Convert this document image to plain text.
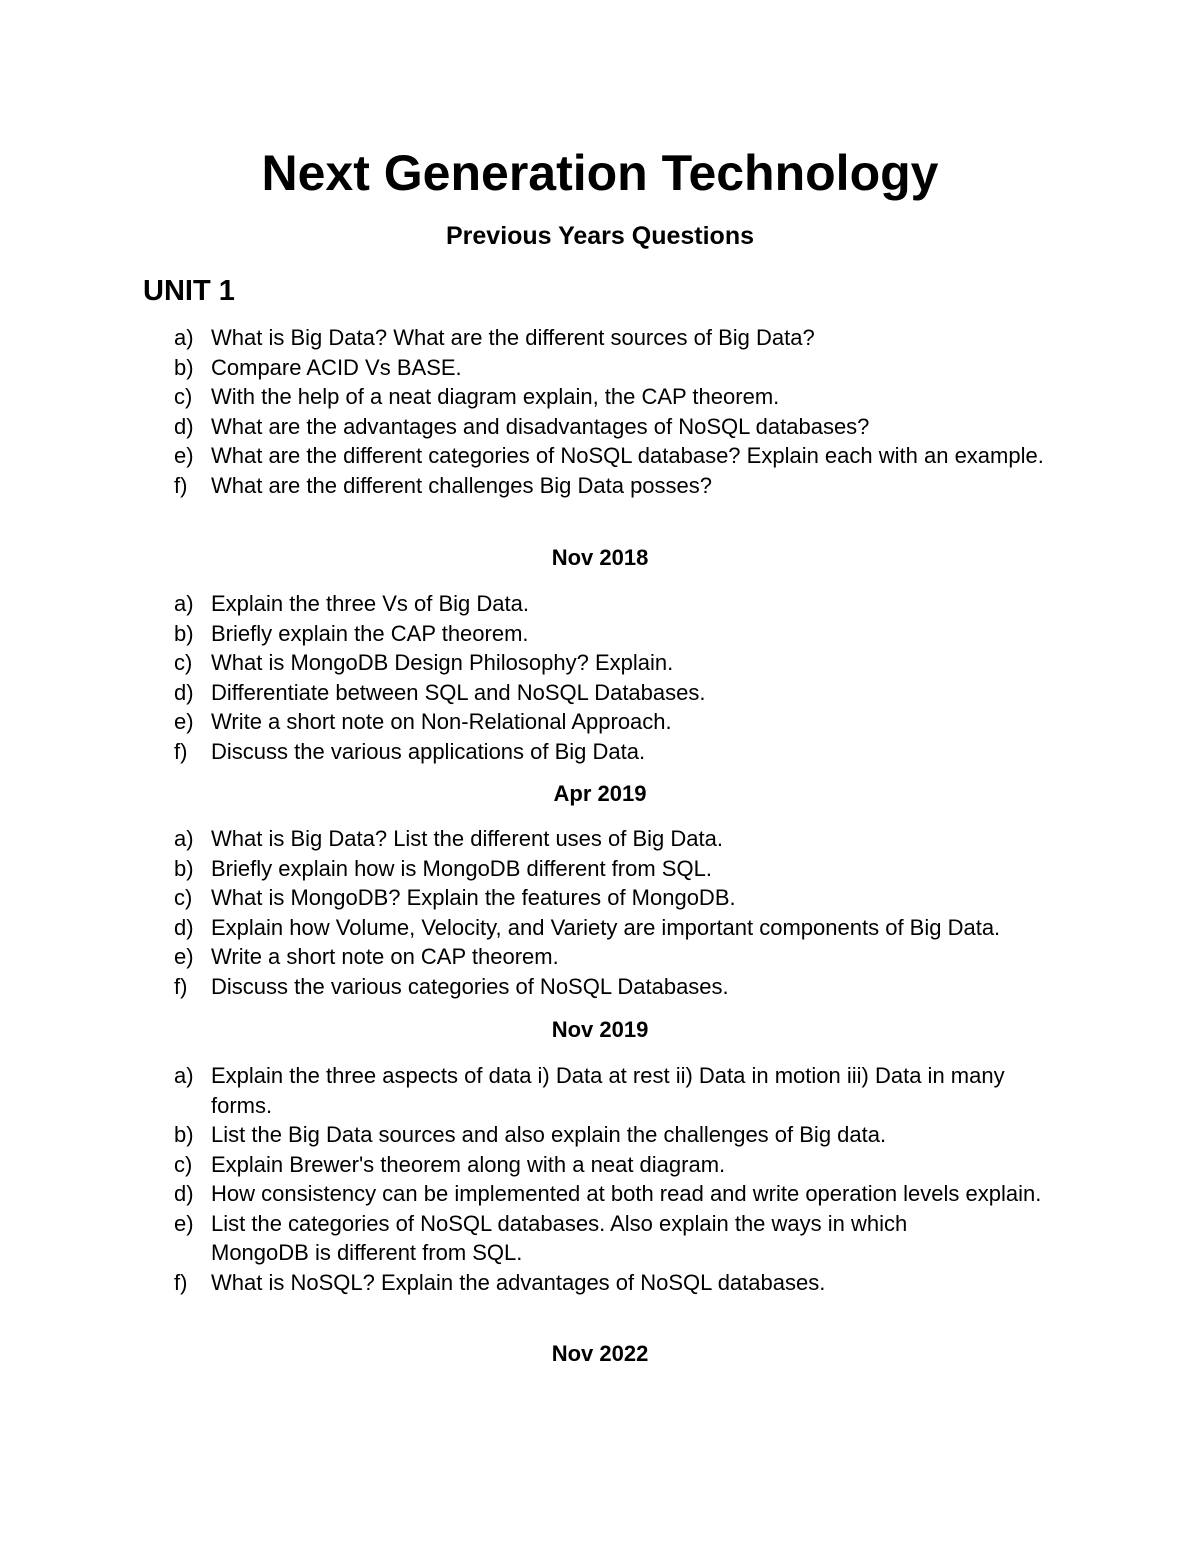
Next Generation Technology
Previous Years Questions
UNIT 1
a) What is Big Data? What are the different sources of Big Data?
b) Compare ACID Vs BASE.
c) With the help of a neat diagram explain, the CAP theorem.
d) What are the advantages and disadvantages of NoSQL databases?
e) What are the different categories of NoSQL database? Explain each with an example.
f) What are the different challenges Big Data posses?
Nov 2018
a) Explain the three Vs of Big Data.
b) Briefly explain the CAP theorem.
c) What is MongoDB Design Philosophy? Explain.
d) Differentiate between SQL and NoSQL Databases.
e) Write a short note on Non-Relational Approach.
f) Discuss the various applications of Big Data.
Apr 2019
a) What is Big Data? List the different uses of Big Data.
b) Briefly explain how is MongoDB different from SQL.
c) What is MongoDB? Explain the features of MongoDB.
d) Explain how Volume, Velocity, and Variety are important components of Big Data.
e) Write a short note on CAP theorem.
f) Discuss the various categories of NoSQL Databases.
Nov 2019
a) Explain the three aspects of data i) Data at rest ii) Data in motion iii) Data in many forms.
b) List the Big Data sources and also explain the challenges of Big data.
c) Explain Brewer's theorem along with a neat diagram.
d) How consistency can be implemented at both read and write operation levels explain.
e) List the categories of NoSQL databases. Also explain the ways in which MongoDB is different from SQL.
f) What is NoSQL? Explain the advantages of NoSQL databases.
Nov 2022
